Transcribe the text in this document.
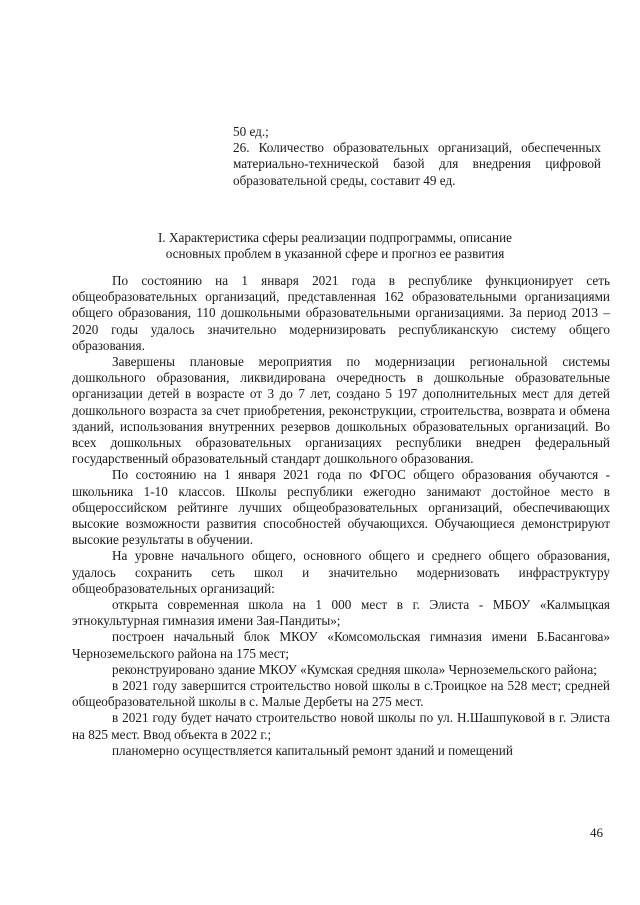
50 ед.;

26. Количество образовательных организаций, обеспеченных материально-технической базой для внедрения цифровой образовательной среды, составит 49 ед.

I. Характеристика сферы реализации подпрограммы, описание
основных проблем в указанной сфере и прогноз ее развития

По состоянию на 1 января 2021 года в республике функционирует сеть общеобразовательных организаций, представленная 162 образовательными организациями общего образования, 110 дошкольными образовательными организациями. За период 2013 – 2020 годы удалось значительно модернизировать республиканскую систему общего образования.

Завершены плановые мероприятия по модернизации региональной системы дошкольного образования, ликвидирована очередность в дошкольные образовательные организации детей в возрасте от 3 до 7 лет, создано 5 197 дополнительных мест для детей дошкольного возраста за счет приобретения, реконструкции, строительства, возврата и обмена зданий, использования внутренних резервов дошкольных образовательных организаций. Во всех дошкольных образовательных организациях республики внедрен федеральный государственный образовательный стандарт дошкольного образования.

По состоянию на 1 января 2021 года по ФГОС общего образования обучаются - школьника 1-10 классов. Школы республики ежегодно занимают достойное место в общероссийском рейтинге лучших общеобразовательных организаций, обеспечивающих высокие возможности развития способностей обучающихся. Обучающиеся демонстрируют высокие результаты в обучении.

На уровне начального общего, основного общего и среднего общего образования, удалось сохранить сеть школ и значительно модернизовать инфраструктуру общеобразовательных организаций:

открыта современная школа на 1 000 мест в г. Элиста - МБОУ «Калмыцкая этнокультурная гимназия имени Зая-Пандиты»;

построен начальный блок МКОУ «Комсомольская гимназия имени Б.Басангова» Черноземельского района на 175 мест;

реконструировано здание МКОУ «Кумская средняя школа» Черноземельского района;

в 2021 году завершится строительство новой школы в с.Троицкое на 528 мест; средней общеобразовательной школы в с. Малые Дербеты на 275 мест.

в 2021 году будет начато строительство новой школы по ул. Н.Шашпуковой в г. Элиста на 825 мест. Ввод объекта в 2022 г.;

планомерно осуществляется капитальный ремонт зданий и помещений

46
